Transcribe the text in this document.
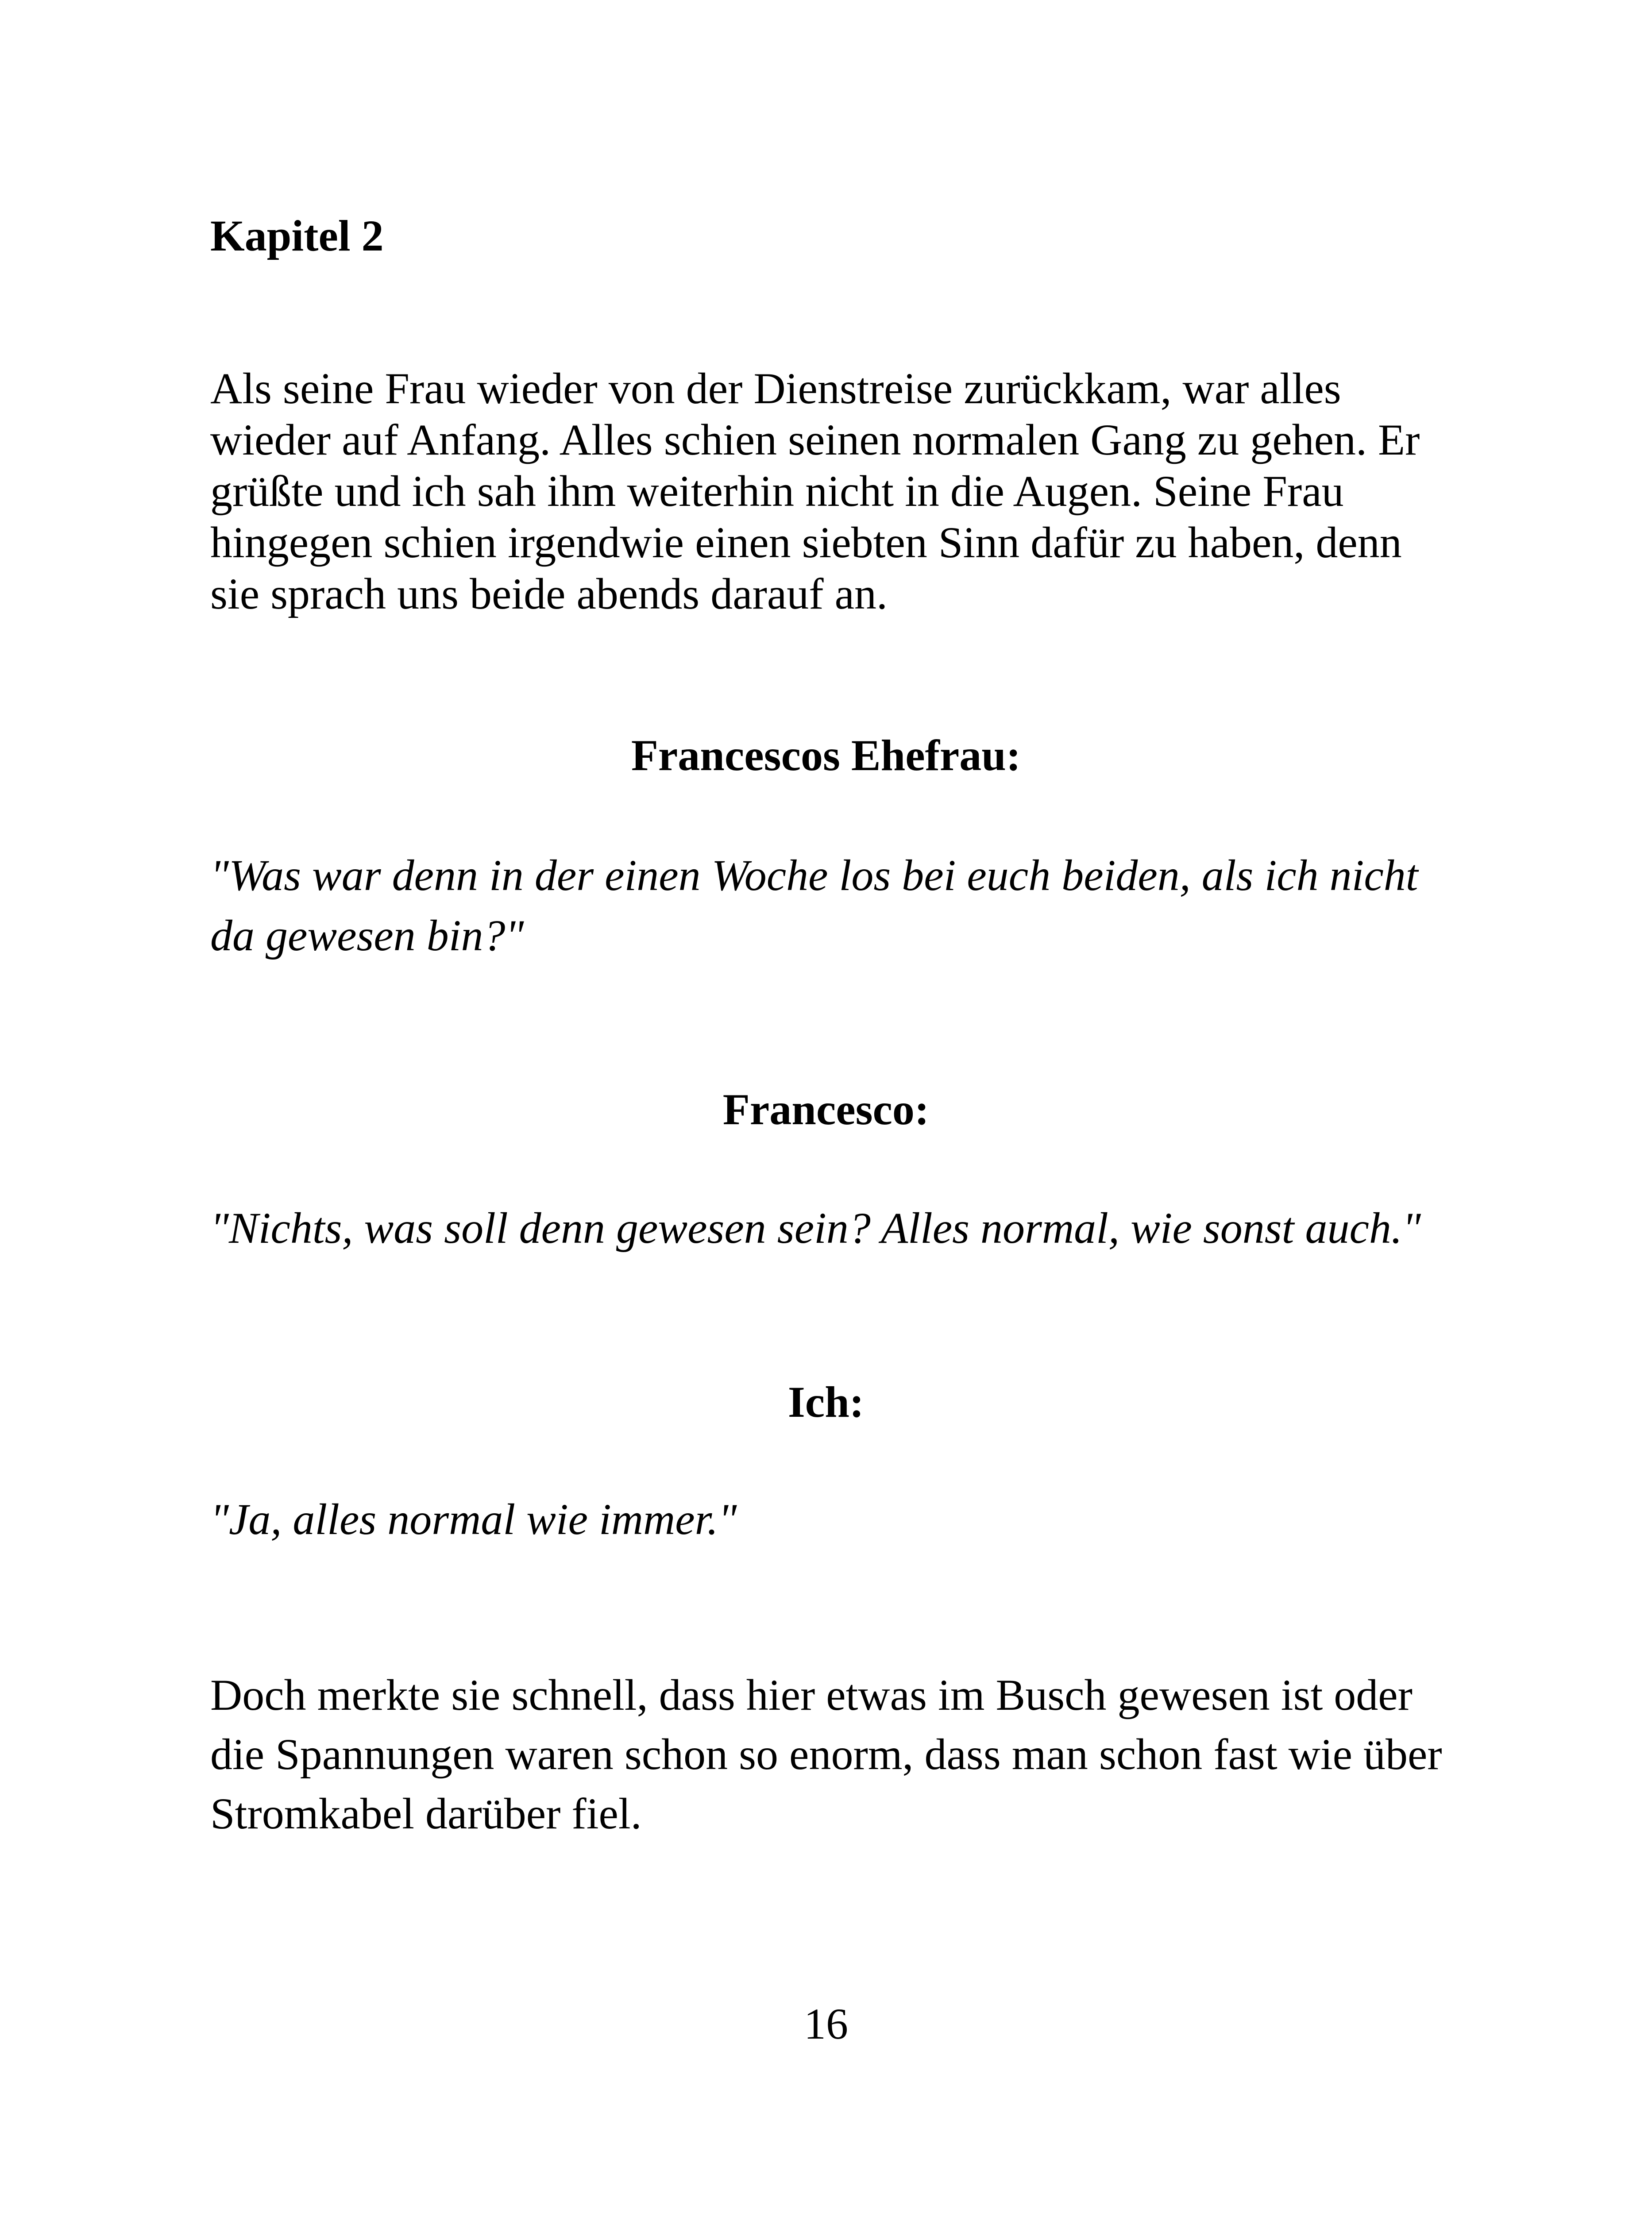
Kapitel 2

Als seine Frau wieder von der Dienstreise zurückkam, war alles
wieder auf Anfang. Alles schien seinen normalen Gang zu gehen. Er
grüßte und ich sah ihm weiterhin nicht in die Augen. Seine Frau
hingegen schien irgendwie einen siebten Sinn dafür zu haben, denn
sie sprach uns beide abends darauf an.

Francescos Ehefrau:

"Was war denn in der einen Woche los bei euch beiden, als ich nicht
da gewesen bin?"

Francesco:

"Nichts, was soll denn gewesen sein? Alles normal, wie sonst auch."

Ich:

"Ja, alles normal wie immer."

Doch merkte sie schnell, dass hier etwas im Busch gewesen ist oder
die Spannungen waren schon so enorm, dass man schon fast wie über
Stromkabel darüber fiel.

16
